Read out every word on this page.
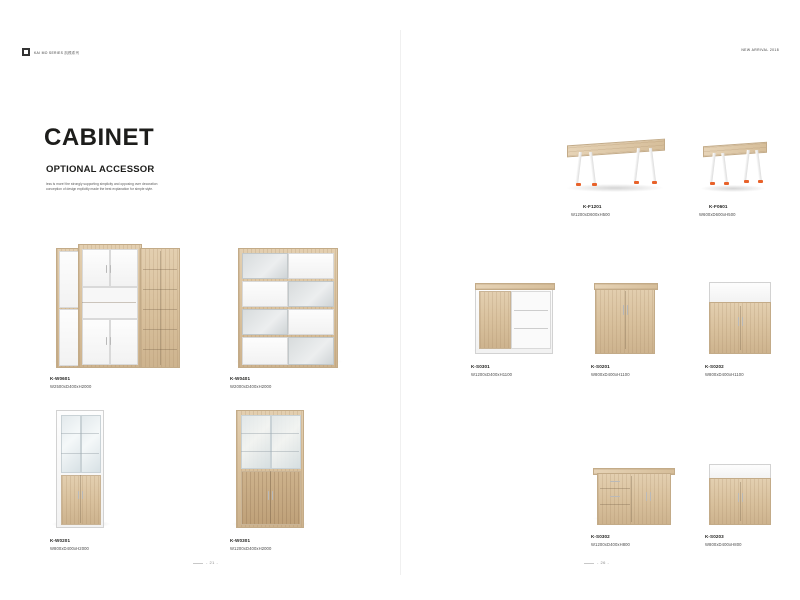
KAI MO SERIES 凯模系列
CABINET
OPTIONAL ACCESSOR
less is more! the strongly supporting simplicity and opposing over decoration conception of design explicitly made the best explanation for simple style.
K-W0601
W2500xD400xH2000
K-W0401
W2000xD400xH2000
K-W0201
W800xD400xH2000
K-W0301
W1200xD400xH2000
- 21 -
NEW ARRIVAL 2018
K-F1201
W1200xD600xH500
K-F0601
W600xD600xH500
K-S0301
W1200xD400xH1100
K-S0201
W800xD400xH1100
K-S0202
W800xD400xH1100
K-S0302
W1200xD400xH800
K-S0203
W800xD400xH800
- 26 -
